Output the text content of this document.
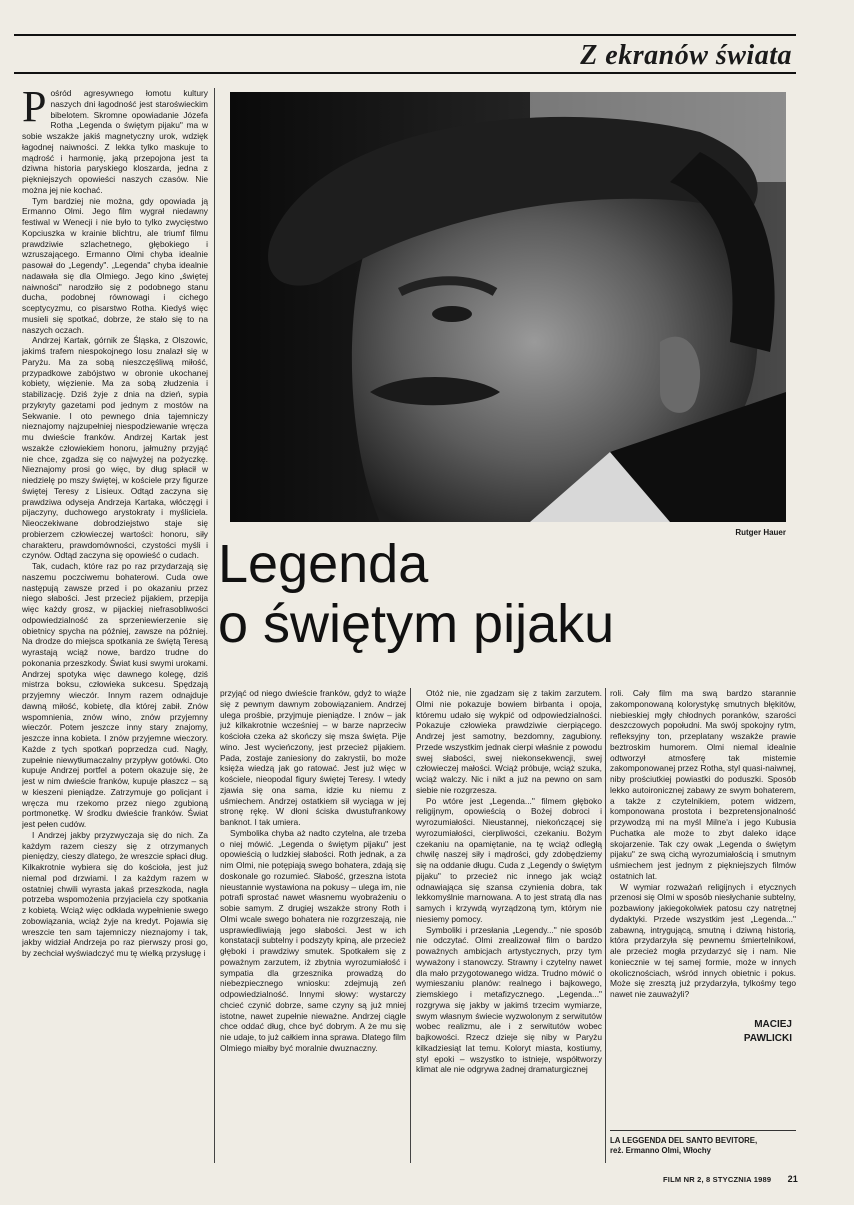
Z ekranów świata

Pośród agresywnego łomotu kultury naszych dni łagodność jest staroświeckim bibelotem. Skromne opowiadanie Józefa Rotha „Legenda o świętym pijaku" ma w sobie wszakże jakiś magnetyczny urok, wdzięk łagodnej naiwności. Z lekka tylko maskuje to mądrość i harmonię, jaką przepojona jest ta dziwna historia paryskiego kloszarda, jedna z piękniejszych opowieści naszych czasów. Nie można jej nie kochać.

Tym bardziej nie można, gdy opowiada ją Ermanno Olmi. Jego film wygrał niedawny festiwal w Wenecji i nie było to tylko zwycięstwo Kopciuszka w krainie blichtru, ale triumf filmu prawdziwie szlachetnego, głębokiego i wzruszającego. Ermanno Olmi chyba idealnie pasował do „Legendy". „Legenda" chyba idealnie nadawała się dla Olmiego. Jego kino „świętej naiwności" narodziło się z podobnego stanu ducha, podobnej równowagi i cichego sceptycyzmu, co pisarstwo Rotha. Kiedyś więc musieli się spotkać, dobrze, że stało się to na naszych oczach.

Andrzej Kartak, górnik ze Śląska, z Olszowic, jakimś trafem niespokojnego losu znalazł się w Paryżu. Ma za sobą nieszczęśliwą miłość, przypadkowe zabójstwo w obronie ukochanej kobiety, więzienie. Ma za sobą złudzenia i stabilizację. Dziś żyje z dnia na dzień, sypia przykryty gazetami pod jednym z mostów na Sekwanie. I oto pewnego dnia tajemniczy nieznajomy najzupełniej niespodziewanie wręcza mu dwieście franków. Andrzej Kartak jest wszakże człowiekiem honoru, jałmużny przyjąć nie chce, zgadza się co najwyżej na pożyczkę. Nieznajomy prosi go więc, by dług spłacił w niedzielę po mszy świętej, w kościele przy figurze świętej Teresy z Lisieux. Odtąd zaczyna się prawdziwa odyseja Andrzeja Kartaka, włóczęgi i pijaczyny, duchowego arystokraty i myśliciela. Nieoczekiwane dobrodziejstwo staje się probierzem człowieczej wartości: honoru, siły charakteru, prawdomówności, czystości myśli i czynów. Odtąd zaczyna się opowieść o cudach.

Tak, cudach, które raz po raz przydarzają się naszemu poczciwemu bohaterowi. Cuda owe następują zawsze przed i po okazaniu przez niego słabości. Jest przecież pijakiem, przepija więc każdy grosz, w pijackiej niefrasobliwości odpowiedzialność za sprzeniewierzenie się obietnicy spycha na później, zawsze na później. Na drodze do miejsca spotkania ze świętą Teresą wyrastają wciąż nowe, bardzo trudne do pokonania przeszkody. Świat kusi swymi urokami. Andrzej spotyka więc dawnego kolegę, dziś mistrza boksu, człowieka sukcesu. Spędzają przyjemny wieczór. Innym razem odnajduje dawną miłość, kobietę, dla której zabił. Znów wspomnienia, znów wino, znów przyjemny wieczór. Potem jeszcze inny stary znajomy, jeszcze inna kobieta. I znów przyjemne wieczory. Każde z tych spotkań poprzedza cud. Nagły, zupełnie niewytłumaczalny przypływ gotówki. Oto kupuje Andrzej portfel a potem okazuje się, że jest w nim dwieście franków, kupuje płaszcz – są w kieszeni pieniądze. Zatrzymuje go policjant i wręcza mu rzekomo przez niego zgubioną portmonetkę. W środku dwieście franków. Świat jest pełen cudów.

I Andrzej jakby przyzwyczaja się do nich. Za każdym razem cieszy się z otrzymanych pieniędzy, cieszy dlatego, że wreszcie spłaci dług. Kilkakrotnie wybiera się do kościoła, jest już niemal pod drzwiami. I za każdym razem w ostatniej chwili wyrasta jakaś przeszkoda, nagła potrzeba wspomożenia przyjaciela czy spotkania z kobietą. Wciąż więc odkłada wypełnienie swego zobowiązania, wciąż żyje na kredyt. Pojawia się wreszcie ten sam tajemniczy nieznajomy i tak, jakby widział Andrzeja po raz pierwszy prosi go, by zechciał wyświadczyć mu tę wielką przysługę i

Rutger Hauer
Legenda
o świętym pijaku

przyjąć od niego dwieście franków, gdyż to wiąże się z pewnym dawnym zobowiązaniem. Andrzej ulega prośbie, przyjmuje pieniądze. I znów – jak już kilkakrotnie wcześniej – w barze naprzeciw kościoła czeka aż skończy się msza święta. Pije wino. Jest wycieńczony, jest przecież pijakiem. Pada, zostaje zaniesiony do zakrystii, bo może księża wiedzą jak go ratować. Jest już więc w kościele, nieopodal figury świętej Teresy. I wtedy zjawia się ona sama, idzie ku niemu z uśmiechem. Andrzej ostatkiem sił wyciąga w jej stronę rękę. W dłoni ściska dwustufrankowy banknot. I tak umiera.

Symbolika chyba aż nadto czytelna, ale trzeba o niej mówić. „Legenda o świętym pijaku" jest opowieścią o ludzkiej słabości. Roth jednak, a za nim Olmi, nie potępiają swego bohatera, zdają się doskonale go rozumieć. Słabość, grzeszna istota nieustannie wystawiona na pokusy – ulega im, nie potrafi sprostać nawet własnemu wyobrażeniu o sobie samym. Z drugiej wszakże strony Roth i Olmi wcale swego bohatera nie rozgrzeszają, nie usprawiedliwiają jego słabości. Jest w ich konstatacji subtelny i podszyty kpiną, ale przecież głęboki i prawdziwy smutek. Spotkałem się z poważnym zarzutem, iż zbytnia wyrozumiałość i sympatia dla grzesznika prowadzą do niebezpiecznego wniosku: zdejmują zeń odpowiedzialność. Innymi słowy: wystarczy chcieć czynić dobrze, same czyny są już mniej istotne, nawet zupełnie nieważne. Andrzej ciągle chce oddać dług, chce być dobrym. A że mu się nie udaje, to już całkiem inna sprawa. Dlatego film Olmiego miałby być moralnie dwuznaczny.

Otóż nie, nie zgadzam się z takim zarzutem. Olmi nie pokazuje bowiem birbanta i opoja, któremu udało się wykpić od odpowiedzialności. Pokazuje człowieka prawdziwie cierpiącego. Andrzej jest samotny, bezdomny, zagubiony. Przede wszystkim jednak cierpi właśnie z powodu swej słabości, swej niekonsekwencji, swej człowieczej małości. Wciąż próbuje, wciąż szuka, wciąż walczy. Nic i nikt a już na pewno on sam siebie nie rozgrzesza.

Po wtóre jest „Legenda..." filmem głęboko religijnym, opowieścią o Bożej dobroci i wyrozumiałości. Nieustannej, niekończącej się wyrozumiałości, cierpliwości, czekaniu. Bożym czekaniu na opamiętanie, na tę wciąż odległą chwilę naszej siły i mądrości, gdy zdobędziemy się na oddanie długu. Cuda z „Legendy o świętym pijaku" to przecież nic innego jak wciąż odnawiająca się szansa czynienia dobra, tak lekkomyślnie marnowana. A to jest stratą dla nas samych i krzywdą wyrządzoną tym, którym nie niesiemy pomocy.

Symboliki i przesłania „Legendy..." nie sposób nie odczytać. Olmi zrealizował film o bardzo poważnych ambicjach artystycznych, przy tym wyważony i stanowczy. Strawny i czytelny nawet dla mało przygotowanego widza. Trudno mówić o wymieszaniu planów: realnego i bajkowego, ziemskiego i metafizycznego. „Legenda..." rozgrywa się jakby w jakimś trzecim wymiarze, swym własnym świecie wyzwolonym z serwitutów wobec realizmu, ale i z serwitutów wobec bajkowości. Rzecz dzieje się niby w Paryżu kilkadziesiąt lat temu. Koloryt miasta, kostiumy, styl epoki – wszystko to istnieje, współtworzy klimat ale nie odgrywa żadnej dramaturgicznej

roli. Cały film ma swą bardzo starannie zakomponowaną kolorystykę smutnych błękitów, niebieskiej mgły chłodnych poranków, szarości deszczowych popołudni. Ma swój spokojny rytm, refleksyjny ton, przeplatany wszakże prawie beztroskim humorem. Olmi niemal idealnie odtworzył atmosferę tak mistemie zakomponowanej przez Rotha, styl quasi-naiwnej, niby prościutkiej powiastki do poduszki. Sposób lekko autoironicznej zabawy ze swym bohaterem, a także z czytelnikiem, potem widzem, komponowana prostota i bezpretensjonalność przywodzą mi na myśl Milne'a i jego Kubusia Puchatka ale może to zbyt daleko idące skojarzenie. Tak czy owak „Legenda o świętym pijaku" ze swą cichą wyrozumiałością i smutnym uśmiechem jest jednym z piękniejszych filmów ostatnich lat.

W wymiar rozważań religijnych i etycznych przenosi się Olmi w sposób niesłychanie subtelny, pozbawiony jakiegokolwiek patosu czy natrętnej dydaktyki. Przede wszystkim jest „Legenda..." zabawną, intrygującą, smutną i dziwną historią, która przydarzyła się pewnemu śmiertelnikowi, ale przecież mogła przydarzyć się i nam. Nie koniecznie w tej samej formie, może w innych okolicznościach, wśród innych obietnic i pokus. Może się zresztą już przydarzyła, tylkośmy tego nawet nie zauważyli?

MACIEJ
PAWLICKI
LA LEGGENDA DEL SANTO BEVITORE,
reż. Ermanno Olmi, Włochy
FILM NR 2, 8 STYCZNIA 1989 21
